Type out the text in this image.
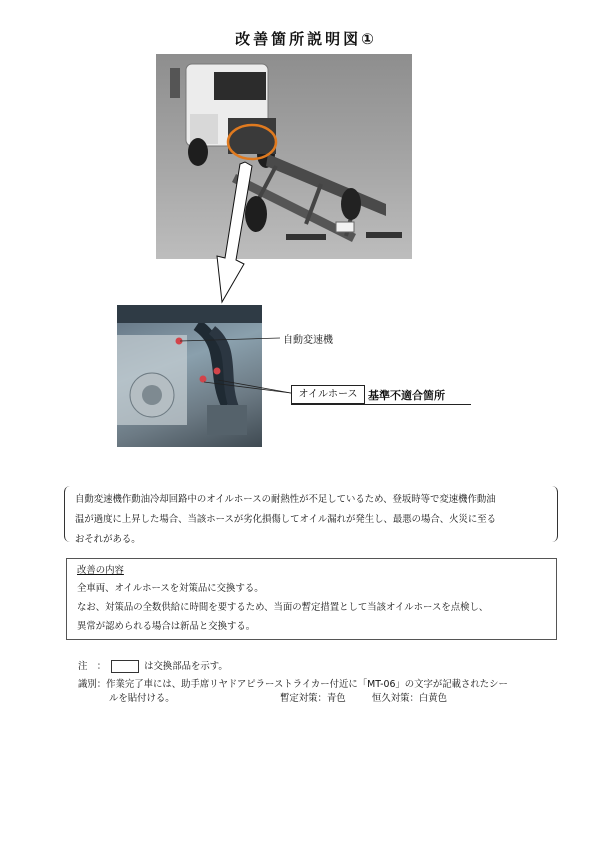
改善箇所説明図①
自動変速機
オイルホース 基準不適合箇所

自動変速機作動油冷却回路中のオイルホースの耐熱性が不足しているため、登坂時等で変速機作動油

温が過度に上昇した場合、当該ホースが劣化損傷してオイル漏れが発生し、最悪の場合、火災に至る

おそれがある。

改善の内容

全車両、オイルホースを対策品に交換する。

なお、対策品の全数供給に時間を要するため、当面の暫定措置として当該オイルホースを点検し、

異常が認められる場合は新品と交換する。

注　：	は交換部品を示す。
識別：作業完了車には、助手席リヤドアピラーストライカー付近に「MT-06」の文字が記載されたシー
ルを貼付ける。	暫定対策：青色	恒久対策：白黄色
